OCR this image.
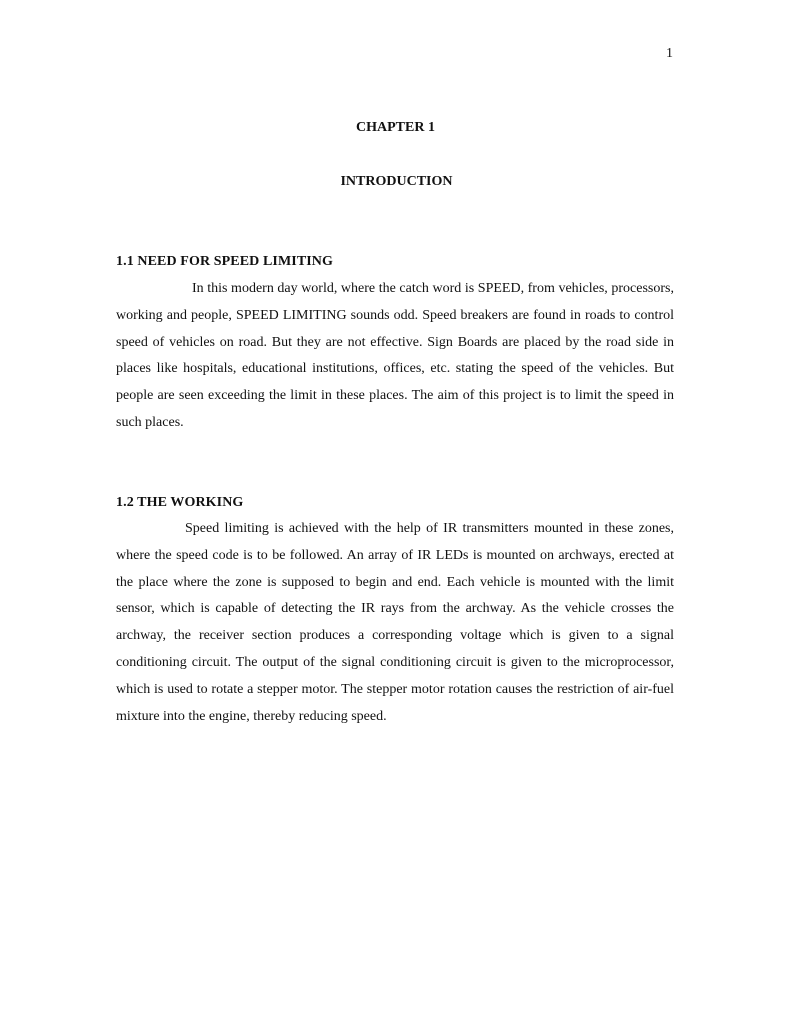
1
CHAPTER 1
INTRODUCTION
1.1 NEED FOR SPEED LIMITING

In this modern day world, where the catch word is SPEED, from vehicles, processors, working and people, SPEED LIMITING sounds odd. Speed breakers are found in roads to control speed of vehicles on road. But they are not effective. Sign Boards are placed by the road side in places like hospitals, educational institutions, offices, etc. stating the speed of the vehicles. But people are seen exceeding the limit in these places. The aim of this project is to limit the speed in such places.

1.2 THE WORKING

Speed limiting is achieved with the help of IR transmitters mounted in these zones, where the speed code is to be followed. An array of IR LEDs is mounted on archways, erected at the place where the zone is supposed to begin and end. Each vehicle is mounted with the limit sensor, which is capable of detecting the IR rays from the archway. As the vehicle crosses the archway, the receiver section produces a corresponding voltage which is given to a signal conditioning circuit. The output of the signal conditioning circuit is given to the microprocessor, which is used to rotate a stepper motor. The stepper motor rotation causes the restriction of air-fuel mixture into the engine, thereby reducing speed.
